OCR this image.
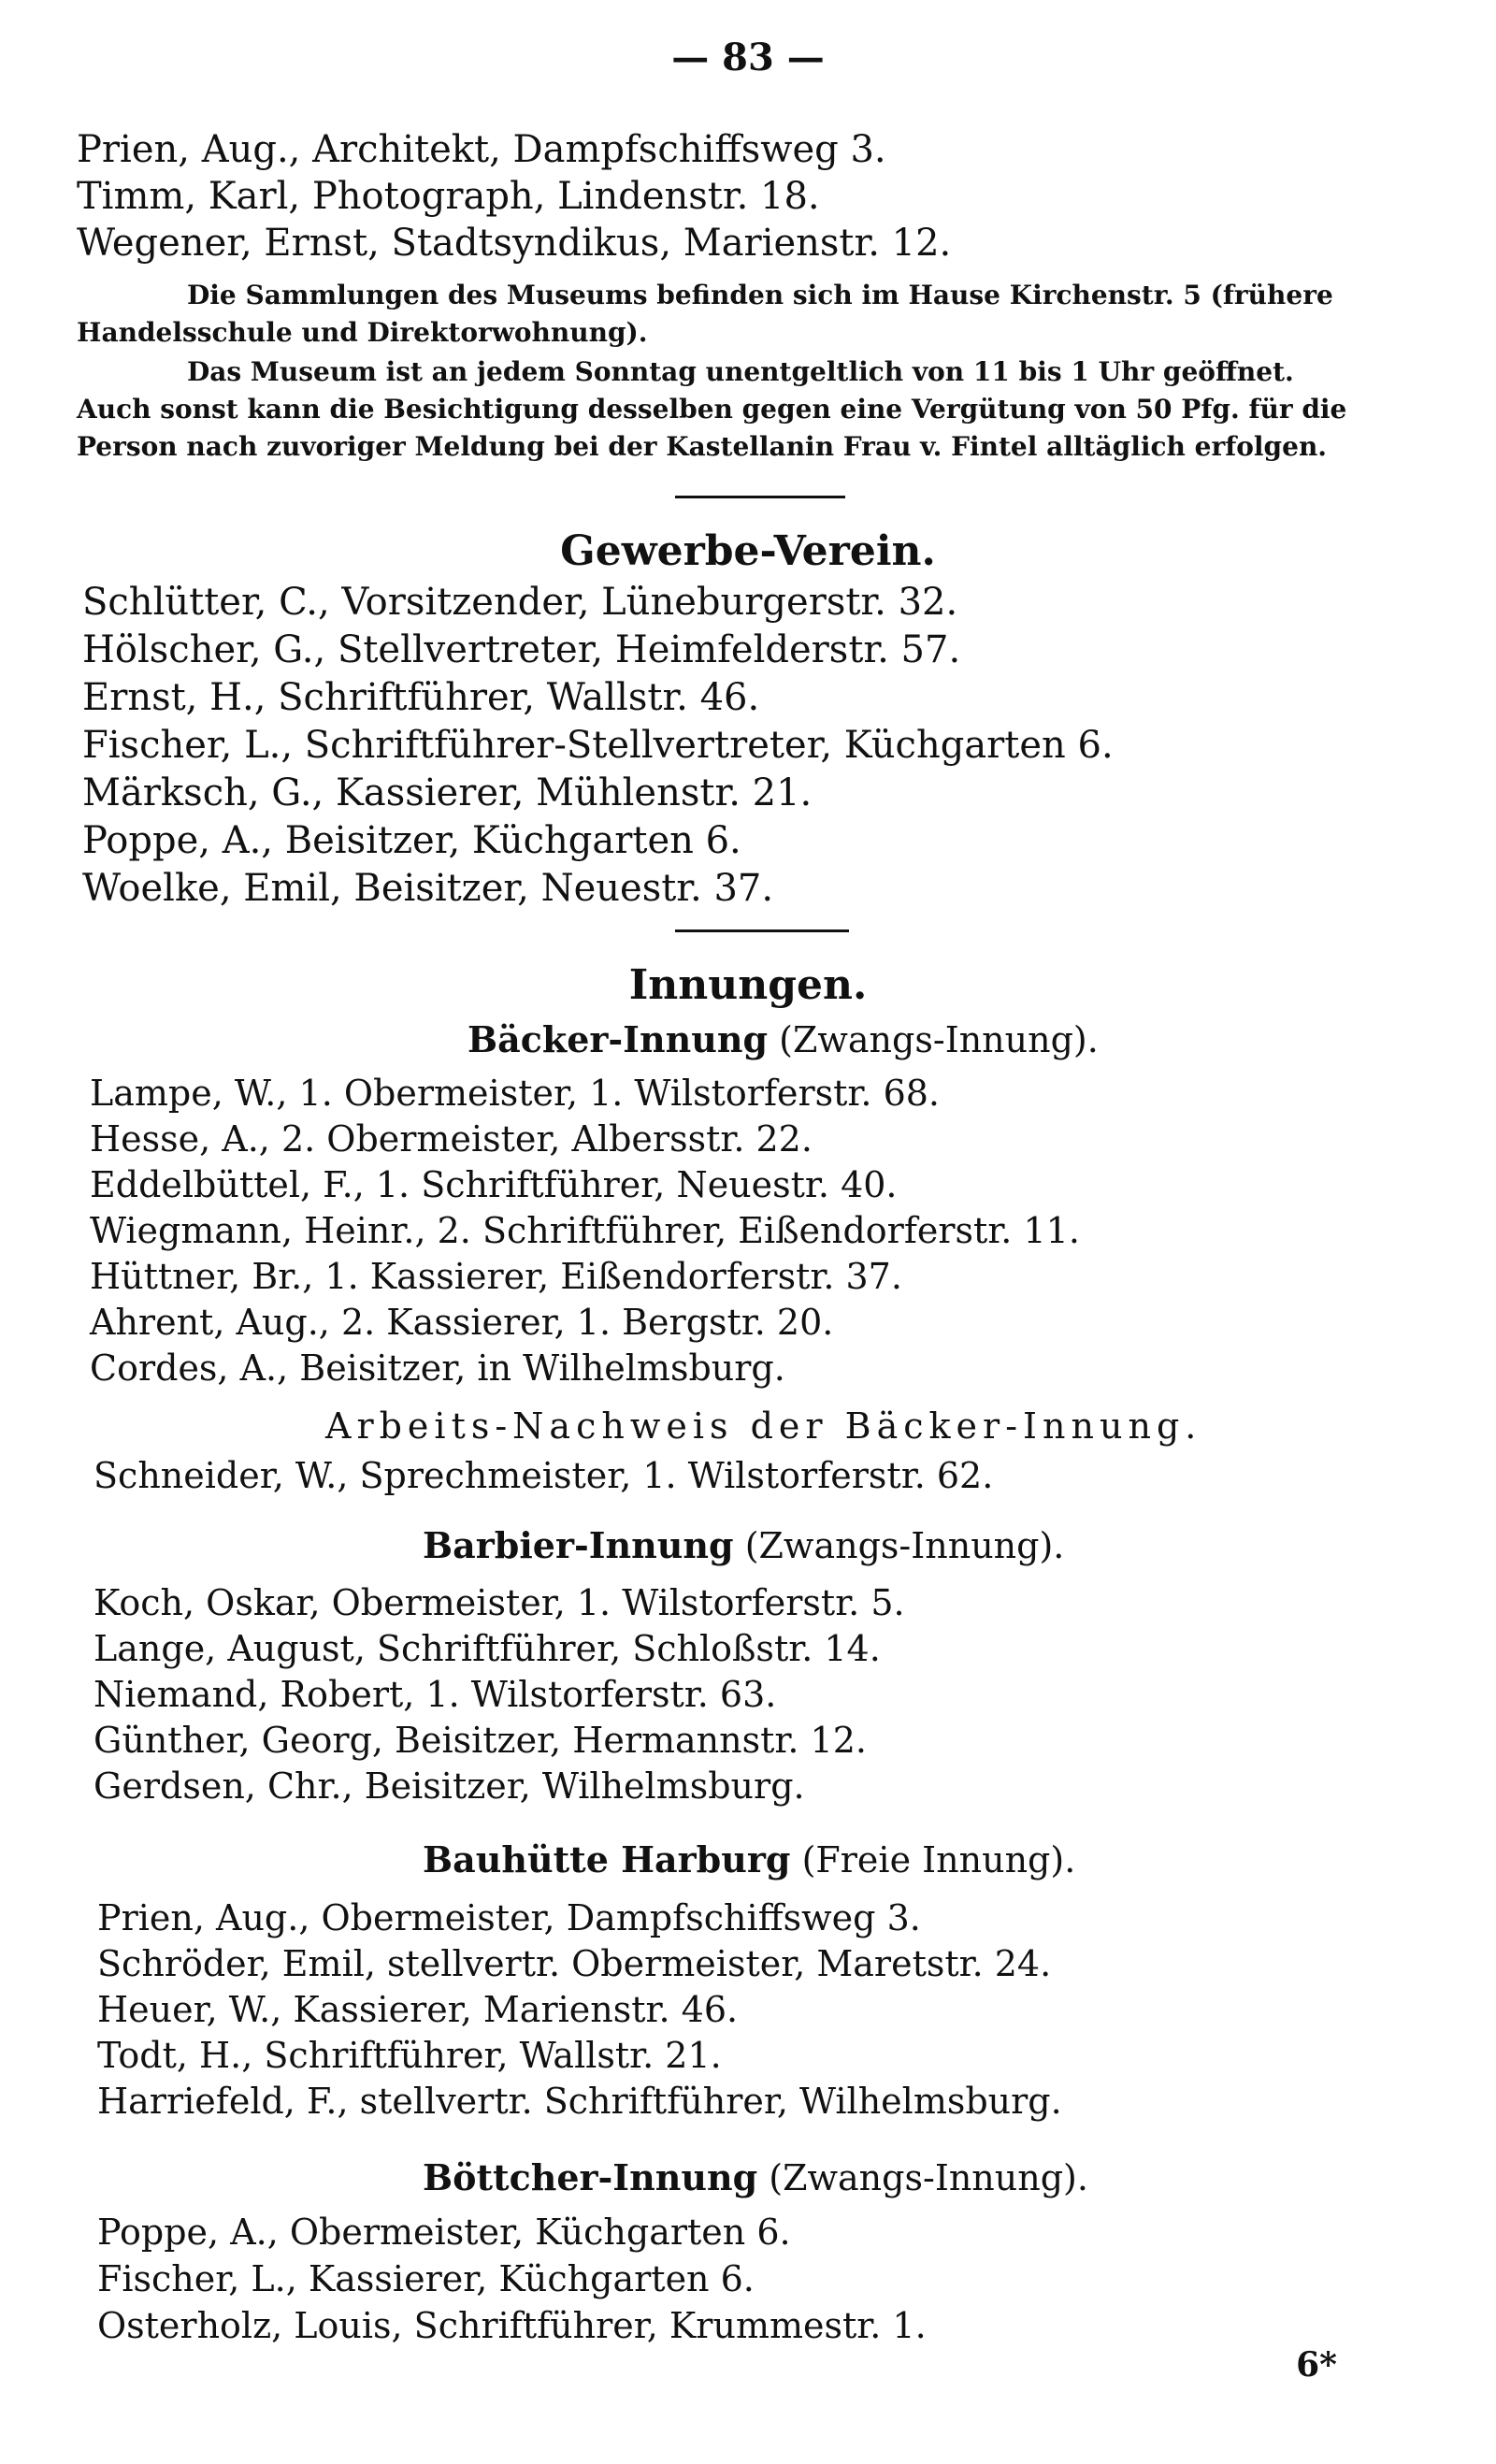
— 83 —
Prien, Aug., Architekt, Dampfschiffsweg 3.
Timm, Karl, Photograph, Lindenstr. 18.
Wegener, Ernst, Stadtsyndikus, Marienstr. 12.
Die Sammlungen des Museums befinden sich im Hause Kirchenstr. 5 (frühere
Handelsschule und Direktorwohnung).
Das Museum ist an jedem Sonntag unentgeltlich von 11 bis 1 Uhr geöffnet.
Auch sonst kann die Besichtigung desselben gegen eine Vergütung von 50 Pfg. für die
Person nach zuvoriger Meldung bei der Kastellanin Frau v. Fintel alltäglich erfolgen.
Gewerbe-Verein.
Schlütter, C., Vorsitzender, Lüneburgerstr. 32.
Hölscher, G., Stellvertreter, Heimfelderstr. 57.
Ernst, H., Schriftführer, Wallstr. 46.
Fischer, L., Schriftführer-Stellvertreter, Küchgarten 6.
Märksch, G., Kassierer, Mühlenstr. 21.
Poppe, A., Beisitzer, Küchgarten 6.
Woelke, Emil, Beisitzer, Neuestr. 37.
Innungen.
Bäcker-Innung (Zwangs-Innung).
Lampe, W., 1. Obermeister, 1. Wilstorferstr. 68.
Hesse, A., 2. Obermeister, Albersstr. 22.
Eddelbüttel, F., 1. Schriftführer, Neuestr. 40.
Wiegmann, Heinr., 2. Schriftführer, Eißendorferstr. 11.
Hüttner, Br., 1. Kassierer, Eißendorferstr. 37.
Ahrent, Aug., 2. Kassierer, 1. Bergstr. 20.
Cordes, A., Beisitzer, in Wilhelmsburg.
Arbeits-Nachweis der Bäcker-Innung.
Schneider, W., Sprechmeister, 1. Wilstorferstr. 62.
Barbier-Innung (Zwangs-Innung).
Koch, Oskar, Obermeister, 1. Wilstorferstr. 5.
Lange, August, Schriftführer, Schloßstr. 14.
Niemand, Robert, 1. Wilstorferstr. 63.
Günther, Georg, Beisitzer, Hermannstr. 12.
Gerdsen, Chr., Beisitzer, Wilhelmsburg.
Bauhütte Harburg (Freie Innung).
Prien, Aug., Obermeister, Dampfschiffsweg 3.
Schröder, Emil, stellvertr. Obermeister, Maretstr. 24.
Heuer, W., Kassierer, Marienstr. 46.
Todt, H., Schriftführer, Wallstr. 21.
Harriefeld, F., stellvertr. Schriftführer, Wilhelmsburg.
Böttcher-Innung (Zwangs-Innung).
Poppe, A., Obermeister, Küchgarten 6.
Fischer, L., Kassierer, Küchgarten 6.
Osterholz, Louis, Schriftführer, Krummestr. 1.
6*
